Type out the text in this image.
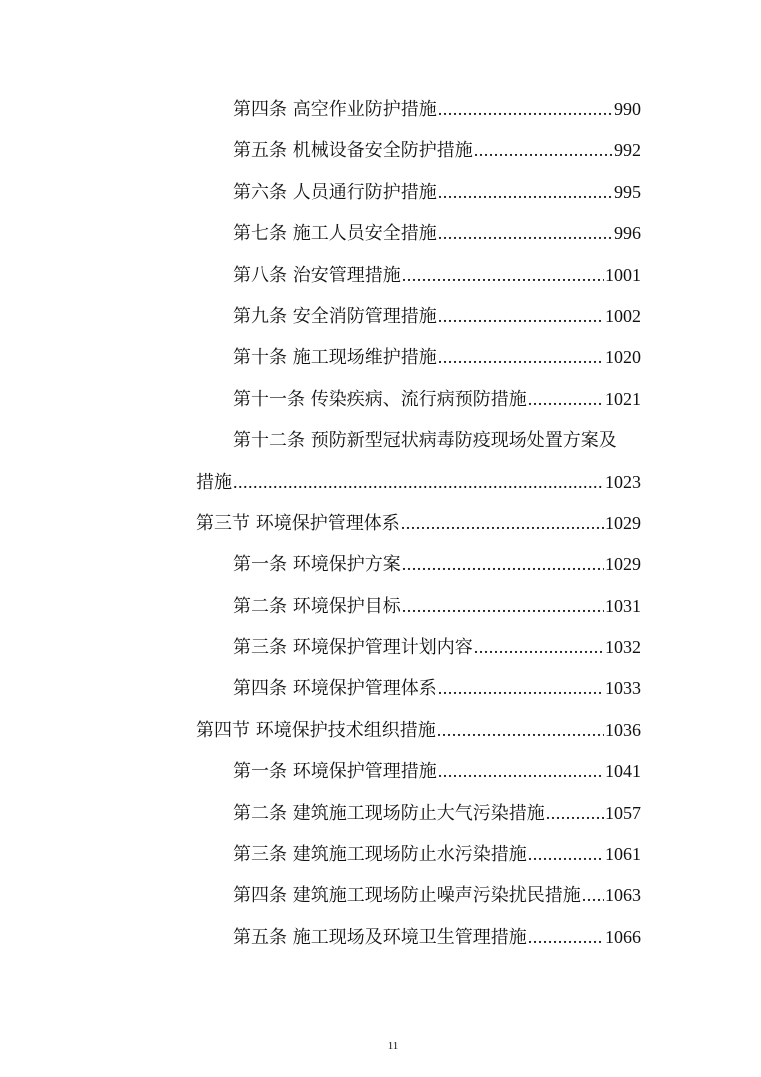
第四条 高空作业防护措施 .....	990
第五条 机械设备安全防护措施 .....	992
第六条 人员通行防护措施 .....	995
第七条 施工人员安全措施 .....	996
第八条 治安管理措施 .....	1001
第九条 安全消防管理措施 .....	1002
第十条 施工现场维护措施 .....	1020
第十一条 传染疾病、流行病预防措施 .....	1021
第十二条 预防新型冠状病毒防疫现场处置方案及
措施 .....	1023
第三节 环境保护管理体系 .....	1029
第一条 环境保护方案 .....	1029
第二条 环境保护目标 .....	1031
第三条 环境保护管理计划内容 .....	1032
第四条 环境保护管理体系 .....	1033
第四节 环境保护技术组织措施 .....	1036
第一条 环境保护管理措施 .....	1041
第二条 建筑施工现场防止大气污染措施 .....	1057
第三条 建筑施工现场防止水污染措施 .....	1061
第四条 建筑施工现场防止噪声污染扰民措施 ..... 1063
第五条 施工现场及环境卫生管理措施 .....	1066
11
